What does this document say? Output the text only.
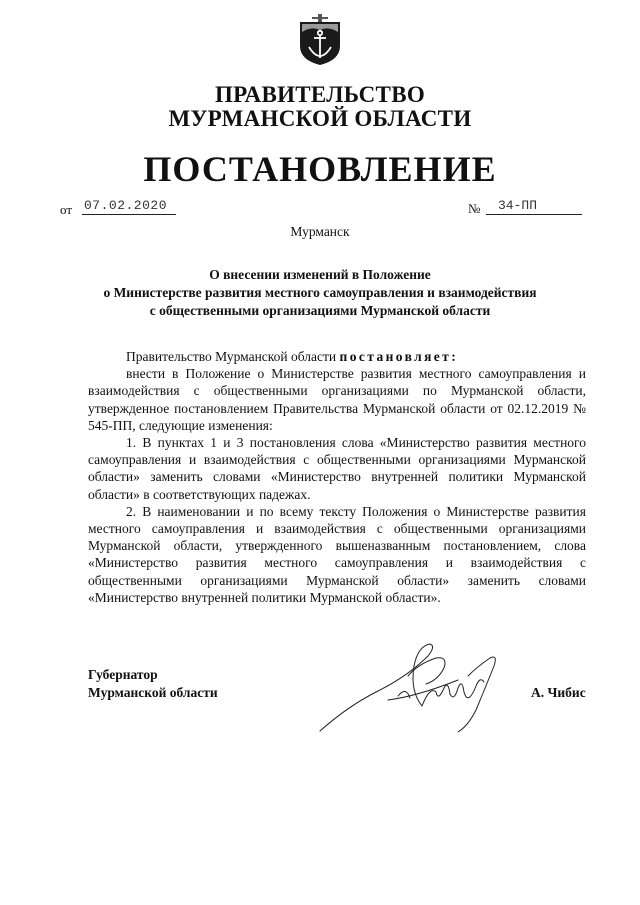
ПРАВИТЕЛЬСТВО
МУРМАНСКОЙ ОБЛАСТИ
ПОСТАНОВЛЕНИЕ
от 07.02.2020	№ 34-ПП
Мурманск
О внесении изменений в Положение
о Министерстве развития местного самоуправления и взаимодействия
с общественными организациями Мурманской области

Правительство Мурманской области постановляет:

внести в Положение о Министерстве развития местного самоуправления и взаимодействия с общественными организациями по Мурманской области, утвержденное постановлением Правительства Мурманской области от 02.12.2019 № 545-ПП, следующие изменения:

1. В пунктах 1 и 3 постановления слова «Министерство развития местного самоуправления и взаимодействия с общественными организациями Мурманской области» заменить словами «Министерство внутренней политики Мурманской области» в соответствующих падежах.

2. В наименовании и по всему тексту Положения о Министерстве развития местного самоуправления и взаимодействия с общественными организациями Мурманской области, утвержденного вышеназванным постановлением, слова «Министерство развития местного самоуправления и взаимодействия с общественными организациями Мурманской области» заменить словами «Министерство внутренней политики Мурманской области».

Губернатор
Мурманской области	А. Чибис
